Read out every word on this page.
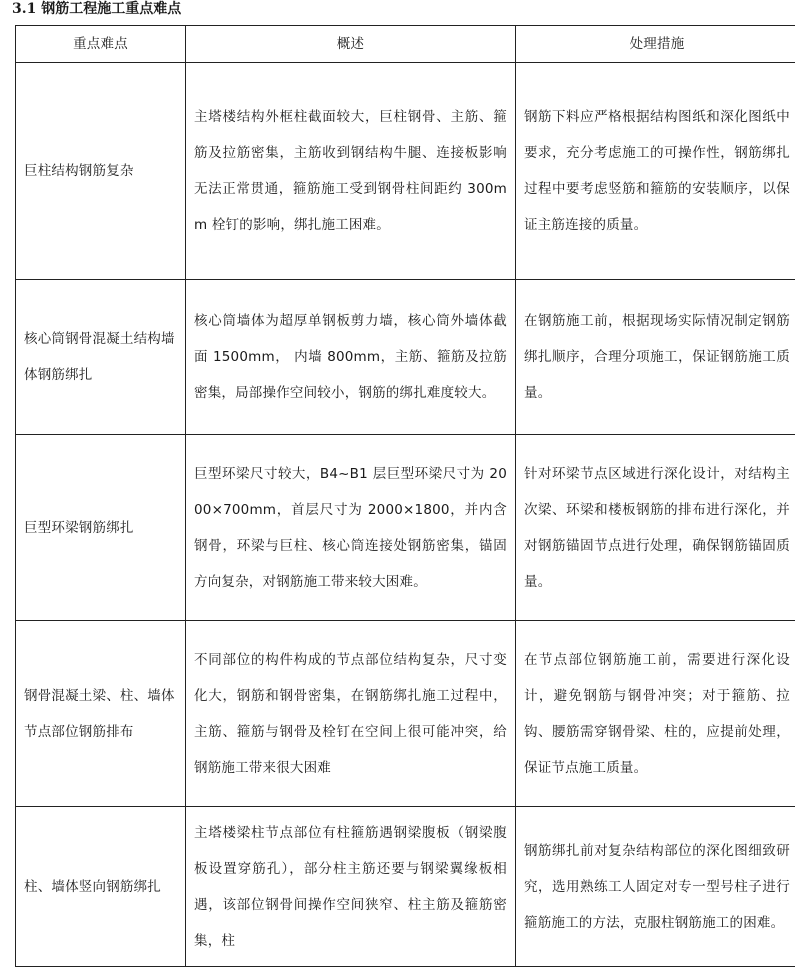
3.1 钢筋工程施工重点难点
重点难点	概述	处理措施
巨柱结构钢筋复杂	主塔楼结构外框柱截面较大，巨柱钢骨、主筋、箍筋及拉筋密集，主筋收到钢结构牛腿、连接板影响无法正常贯通，箍筋施工受到钢骨柱间距约 300mm 栓钉的影响，绑扎施工困难。	钢筋下料应严格根据结构图纸和深化图纸中要求，充分考虑施工的可操作性，钢筋绑扎过程中要考虑竖筋和箍筋的安装顺序，以保证主筋连接的质量。
核心筒钢骨混凝土结构墙体钢筋绑扎	核心筒墙体为超厚单钢板剪力墙，核心筒外墙体截面 1500mm， 内墙 800mm，主筋、箍筋及拉筋密集，局部操作空间较小，钢筋的绑扎难度较大。	在钢筋施工前，根据现场实际情况制定钢筋绑扎顺序，合理分项施工，保证钢筋施工质量。
巨型环梁钢筋绑扎	巨型环梁尺寸较大，B4~B1 层巨型环梁尺寸为 2000×700mm，首层尺寸为 2000×1800，并内含钢骨，环梁与巨柱、核心筒连接处钢筋密集，锚固方向复杂，对钢筋施工带来较大困难。	针对环梁节点区域进行深化设计，对结构主次梁、环梁和楼板钢筋的排布进行深化，并对钢筋锚固节点进行处理，确保钢筋锚固质量。
钢骨混凝土梁、柱、墙体节点部位钢筋排布	不同部位的构件构成的节点部位结构复杂，尺寸变化大，钢筋和钢骨密集，在钢筋绑扎施工过程中，主筋、箍筋与钢骨及栓钉在空间上很可能冲突，给钢筋施工带来很大困难	在节点部位钢筋施工前，需要进行深化设计，避免钢筋与钢骨冲突；对于箍筋、拉钩、腰筋需穿钢骨梁、柱的，应提前处理，保证节点施工质量。
柱、墙体竖向钢筋绑扎	主塔楼梁柱节点部位有柱箍筋遇钢梁腹板（钢梁腹板设置穿筋孔），部分柱主筋还要与钢梁翼缘板相遇，该部位钢骨间操作空间狭窄、柱主筋及箍筋密集，柱	钢筋绑扎前对复杂结构部位的深化图细致研究，选用熟练工人固定对专一型号柱子进行箍筋施工的方法，克服柱钢筋施工的困难。
